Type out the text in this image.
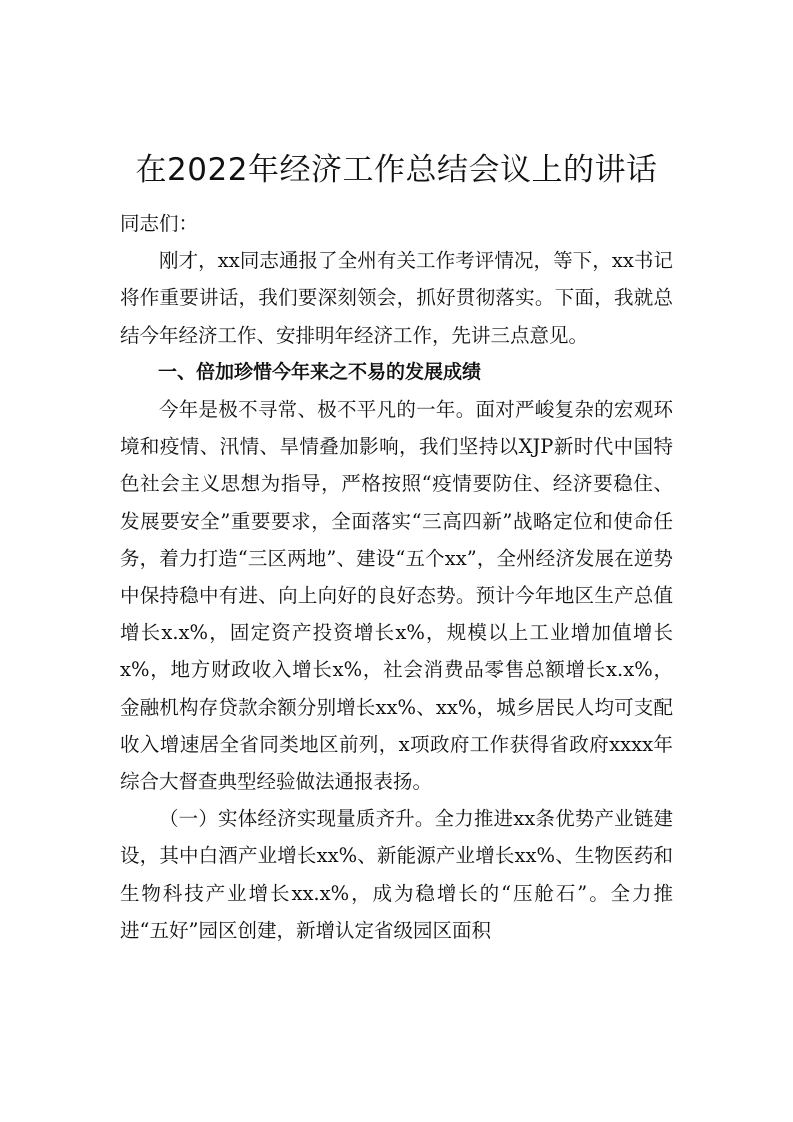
在2022年经济工作总结会议上的讲话

同志们：

刚才，xx同志通报了全州有关工作考评情况，等下，xx书记将作重要讲话，我们要深刻领会，抓好贯彻落实。下面，我就总结今年经济工作、安排明年经济工作，先讲三点意见。

一、倍加珍惜今年来之不易的发展成绩

今年是极不寻常、极不平凡的一年。面对严峻复杂的宏观环境和疫情、汛情、旱情叠加影响，我们坚持以XJP新时代中国特色社会主义思想为指导，严格按照“疫情要防住、经济要稳住、发展要安全”重要要求，全面落实“三高四新”战略定位和使命任务，着力打造“三区两地”、建设“五个xx”，全州经济发展在逆势中保持稳中有进、向上向好的良好态势。预计今年地区生产总值增长x.x%，固定资产投资增长x%，规模以上工业增加值增长x%，地方财政收入增长x%，社会消费品零售总额增长x.x%，金融机构存贷款余额分别增长xx%、xx%，城乡居民人均可支配收入增速居全省同类地区前列，x项政府工作获得省政府xxxx年综合大督查典型经验做法通报表扬。

（一）实体经济实现量质齐升。全力推进xx条优势产业链建设，其中白酒产业增长xx%、新能源产业增长xx%、生物医药和生物科技产业增长xx.x%，成为稳增长的“压舱石”。全力推进“五好”园区创建，新增认定省级园区面积
